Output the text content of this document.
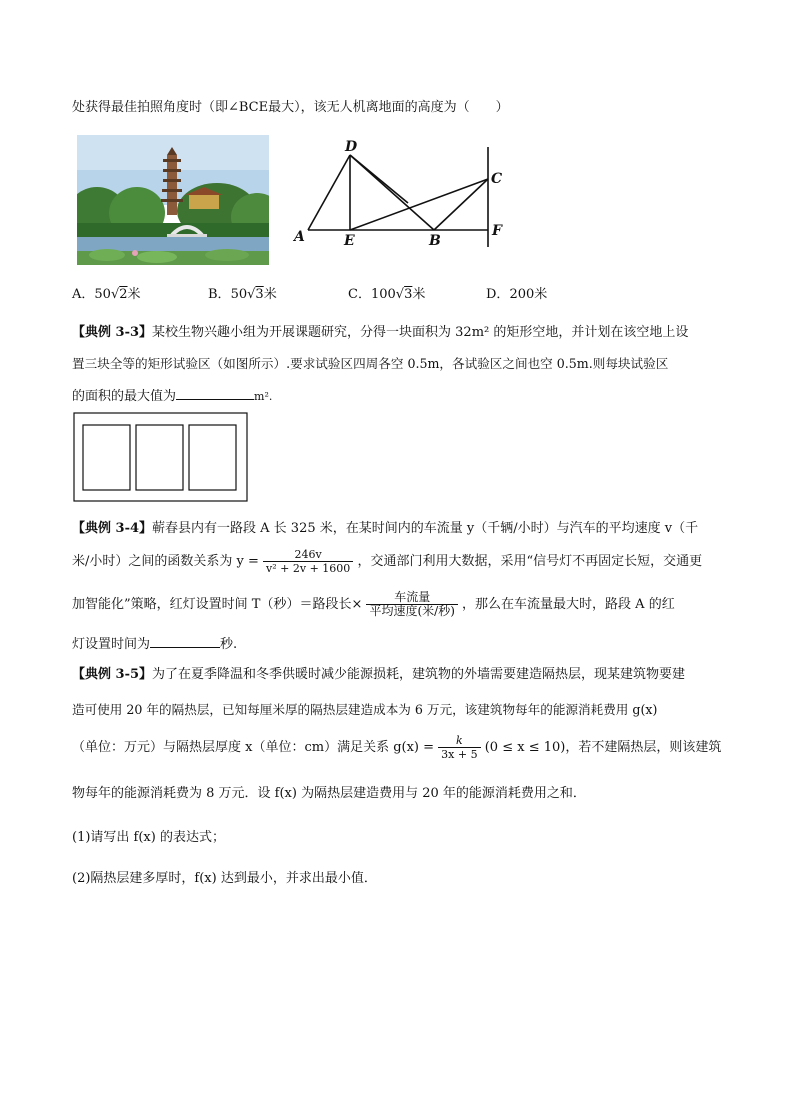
处获得最佳拍照角度时（即∠BCE最大），该无人机离地面的高度为（　　）
D
C
A	E	B
F
A．50√2米	B．50√3米	C．100√3米	D．200米
【典例 3-3】某校生物兴趣小组为开展课题研究，分得一块面积为 32m² 的矩形空地，并计划在该空地上设
置三块全等的矩形试验区（如图所示）.要求试验区四周各空 0.5m，各试验区之间也空 0.5m.则每块试验区
的面积的最大值为	m².
【典例 3-4】蕲春县内有一路段 A 长 325 米，在某时间内的车流量 y（千辆/小时）与汽车的平均速度 v（千
米/小时）之间的函数关系为 $y = \frac{246v}{\text{v² + 2v + 1600}}$ ，交通部门利用大数据，采用“信号灯不再固定长短，交通更
加智能化”策略，红灯设置时间 T（秒）＝路段长× $\frac{\text{车流量}}{\text{平均速度(米/秒)}}$ ，那么在车流量最大时，路段 A 的红
灯设置时间为	秒.
【典例 3-5】为了在夏季降温和冬季供暖时减少能源损耗，建筑物的外墙需要建造隔热层，现某建筑物要建
造可使用 20 年的隔热层，已知每厘米厚的隔热层建造成本为 6 万元，该建筑物每年的能源消耗费用 g(x)
（单位：万元）与隔热层厚度 x（单位：cm）满足关系 $g(x) = \frac{k}{3x + 5} (0 \le x \le 10)$，若不建隔热层，则该建筑
物每年的能源消耗费为 8 万元．设 f(x) 为隔热层建造费用与 20 年的能源消耗费用之和．
(1)请写出 f(x) 的表达式；
(2)隔热层建多厚时，f(x) 达到最小，并求出最小值．
